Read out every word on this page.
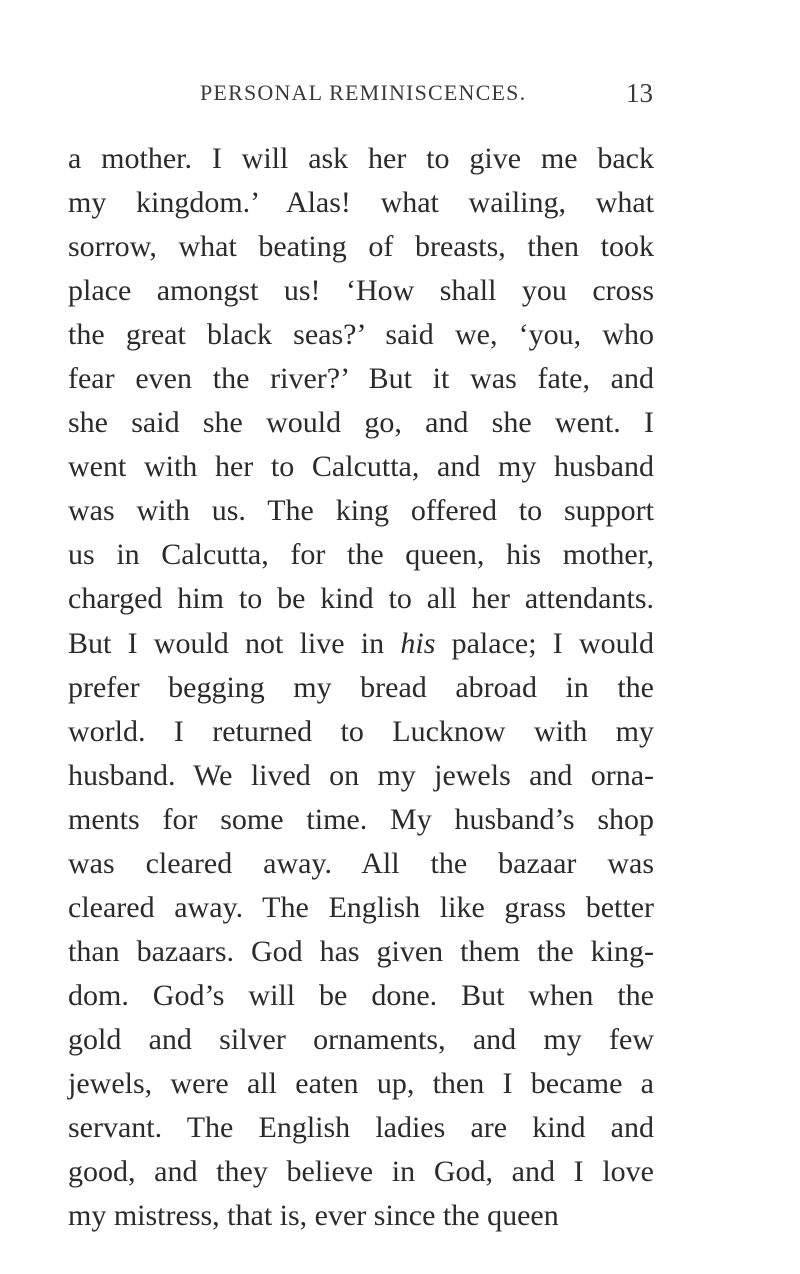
PERSONAL REMINISCENCES.	13
a mother. I will ask her to give me back
my kingdom.’ Alas! what wailing, what
sorrow, what beating of breasts, then took
place amongst us! ‘How shall you cross
the great black seas?’ said we, ‘you, who
fear even the river?’ But it was fate, and
she said she would go, and she went. I
went with her to Calcutta, and my husband
was with us. The king offered to support
us in Calcutta, for the queen, his mother,
charged him to be kind to all her attendants.
But I would not live in his palace; I would
prefer begging my bread abroad in the
world. I returned to Lucknow with my
husband. We lived on my jewels and orna-
ments for some time. My husband’s shop
was cleared away. All the bazaar was
cleared away. The English like grass better
than bazaars. God has given them the king-
dom. God’s will be done. But when the
gold and silver ornaments, and my few
jewels, were all eaten up, then I became a
servant. The English ladies are kind and
good, and they believe in God, and I love
my mistress, that is, ever since the queen
